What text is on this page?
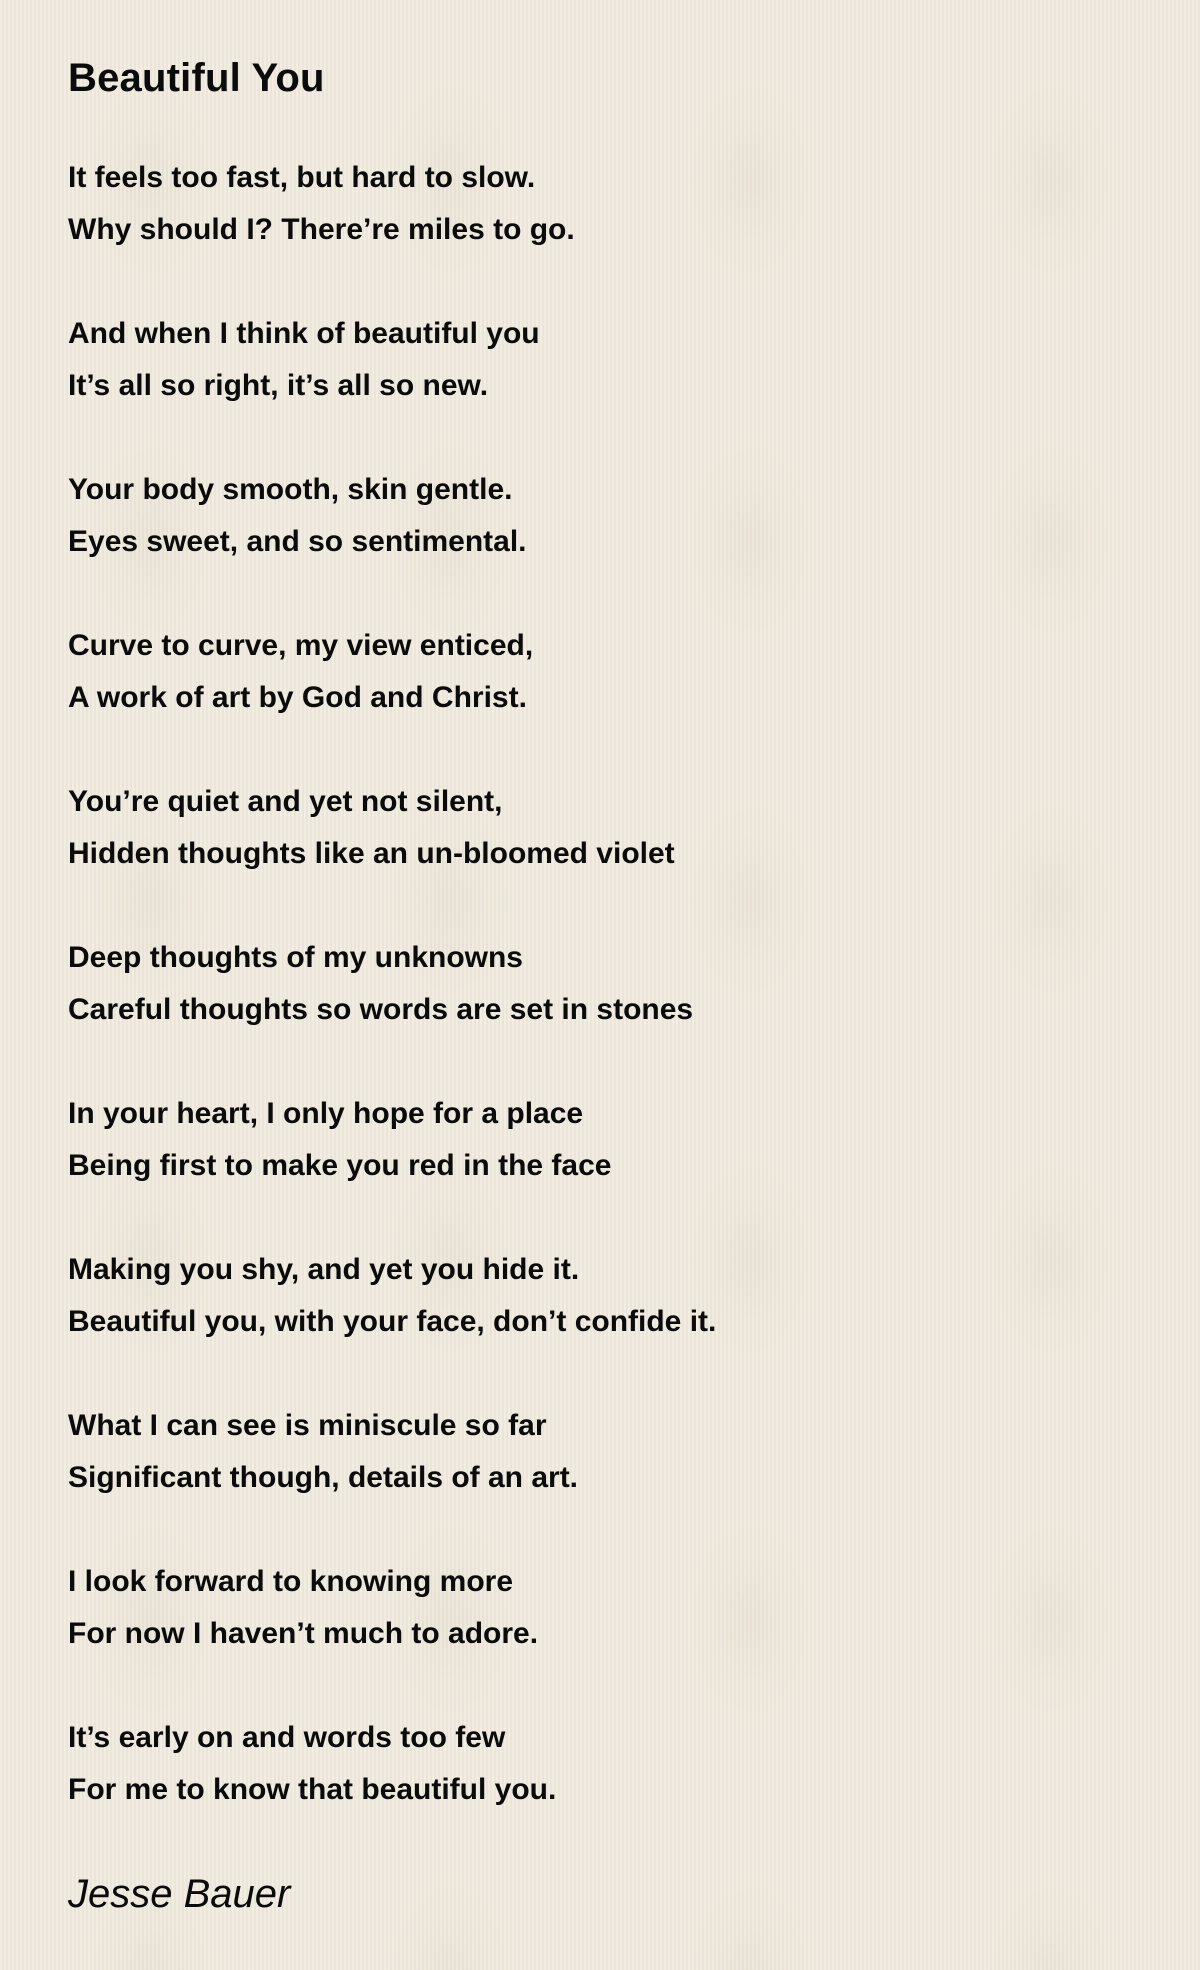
Beautiful You
It feels too fast, but hard to slow.
Why should I? There’re miles to go.
And when I think of beautiful you
It’s all so right, it’s all so new.
Your body smooth, skin gentle.
Eyes sweet, and so sentimental.
Curve to curve, my view enticed,
A work of art by God and Christ.
You’re quiet and yet not silent,
Hidden thoughts like an un-bloomed violet
Deep thoughts of my unknowns
Careful thoughts so words are set in stones
In your heart, I only hope for a place
Being first to make you red in the face
Making you shy, and yet you hide it.
Beautiful you, with your face, don’t confide it.
What I can see is miniscule so far
Significant though, details of an art.
I look forward to knowing more
For now I haven’t much to adore.
It’s early on and words too few
For me to know that beautiful you.

Jesse Bauer
